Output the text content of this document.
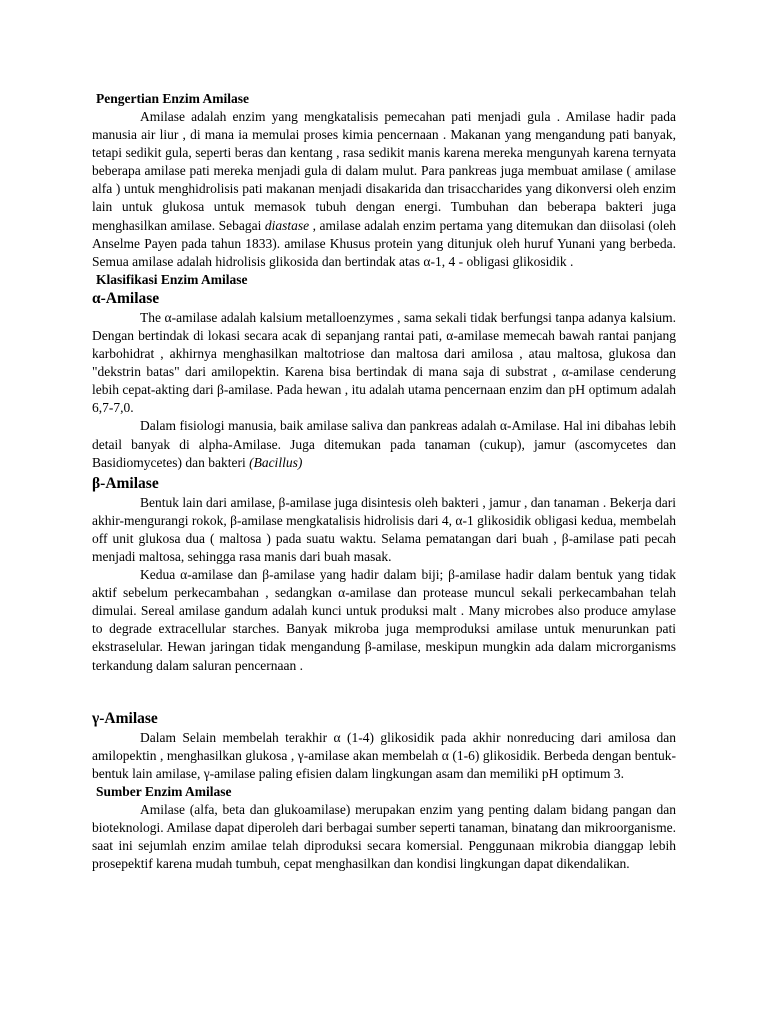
Pengertian Enzim Amilase

Amilase adalah enzim yang mengkatalisis pemecahan pati menjadi gula . Amilase hadir pada manusia air liur , di mana ia memulai proses kimia pencernaan . Makanan yang mengandung pati banyak, tetapi sedikit gula, seperti beras dan kentang , rasa sedikit manis karena mereka mengunyah karena ternyata beberapa amilase pati mereka menjadi gula di dalam mulut. Para pankreas juga membuat amilase ( amilase alfa ) untuk menghidrolisis pati makanan menjadi disakarida dan trisaccharides yang dikonversi oleh enzim lain untuk glukosa untuk memasok tubuh dengan energi. Tumbuhan dan beberapa bakteri juga menghasilkan amilase. Sebagai diastase , amilase adalah enzim pertama yang ditemukan dan diisolasi (oleh Anselme Payen pada tahun 1833). amilase Khusus protein yang ditunjuk oleh huruf Yunani yang berbeda. Semua amilase adalah hidrolisis glikosida dan bertindak atas α-1, 4 - obligasi glikosidik .

Klasifikasi Enzim Amilase
α-Amilase

The α-amilase adalah kalsium metalloenzymes , sama sekali tidak berfungsi tanpa adanya kalsium. Dengan bertindak di lokasi secara acak di sepanjang rantai pati, α-amilase memecah bawah rantai panjang karbohidrat , akhirnya menghasilkan maltotriose dan maltosa dari amilosa , atau maltosa, glukosa dan "dekstrin batas" dari amilopektin. Karena bisa bertindak di mana saja di substrat , α-amilase cenderung lebih cepat-akting dari β-amilase. Pada hewan , itu adalah utama pencernaan enzim dan pH optimum adalah 6,7-7,0.

Dalam fisiologi manusia, baik amilase saliva dan pankreas adalah α-Amilase. Hal ini dibahas lebih detail banyak di alpha-Amilase. Juga ditemukan pada tanaman (cukup), jamur (ascomycetes dan Basidiomycetes) dan bakteri (Bacillus)

β-Amilase

Bentuk lain dari amilase, β-amilase juga disintesis oleh bakteri , jamur , dan tanaman . Bekerja dari akhir-mengurangi rokok, β-amilase mengkatalisis hidrolisis dari 4, α-1 glikosidik obligasi kedua, membelah off unit glukosa dua ( maltosa ) pada suatu waktu. Selama pematangan dari buah , β-amilase pati pecah menjadi maltosa, sehingga rasa manis dari buah masak.

Kedua α-amilase dan β-amilase yang hadir dalam biji; β-amilase hadir dalam bentuk yang tidak aktif sebelum perkecambahan , sedangkan α-amilase dan protease muncul sekali perkecambahan telah dimulai. Sereal amilase gandum adalah kunci untuk produksi malt . Many microbes also produce amylase to degrade extracellular starches. Banyak mikroba juga memproduksi amilase untuk menurunkan pati ekstraselular. Hewan jaringan tidak mengandung β-amilase, meskipun mungkin ada dalam microrganisms terkandung dalam saluran pencernaan .

γ-Amilase

Dalam Selain membelah terakhir α (1-4) glikosidik pada akhir nonreducing dari amilosa dan amilopektin , menghasilkan glukosa , γ-amilase akan membelah α (1-6) glikosidik. Berbeda dengan bentuk-bentuk lain amilase, γ-amilase paling efisien dalam lingkungan asam dan memiliki pH optimum 3.

Sumber Enzim Amilase

Amilase (alfa, beta dan glukoamilase) merupakan enzim yang penting dalam bidang pangan dan bioteknologi. Amilase dapat diperoleh dari berbagai sumber seperti tanaman, binatang dan mikroorganisme. saat ini sejumlah enzim amilae telah diproduksi secara komersial. Penggunaan mikrobia dianggap lebih prosepektif karena mudah tumbuh, cepat menghasilkan dan kondisi lingkungan dapat dikendalikan.
